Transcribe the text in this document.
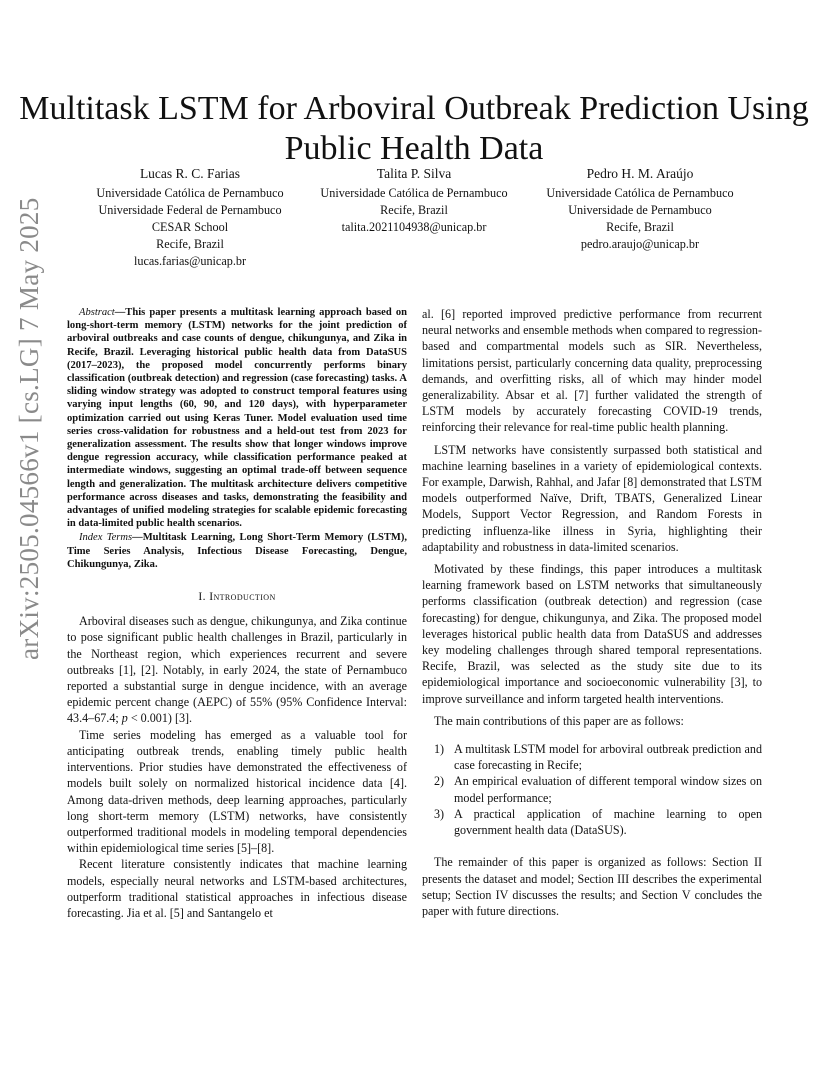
arXiv:2505.04566v1 [cs.LG] 7 May 2025
Multitask LSTM for Arboviral Outbreak Prediction Using Public Health Data
Lucas R. C. Farias
Universidade Católica de Pernambuco
Universidade Federal de Pernambuco
CESAR School
Recife, Brazil
lucas.farias@unicap.br
Talita P. Silva
Universidade Católica de Pernambuco
Recife, Brazil
talita.2021104938@unicap.br
Pedro H. M. Araújo
Universidade Católica de Pernambuco
Universidade de Pernambuco
Recife, Brazil
pedro.araujo@unicap.br

Abstract—This paper presents a multitask learning approach based on long-short-term memory (LSTM) networks for the joint prediction of arboviral outbreaks and case counts of dengue, chikungunya, and Zika in Recife, Brazil. Leveraging historical public health data from DataSUS (2017–2023), the proposed model concurrently performs binary classification (outbreak detection) and regression (case forecasting) tasks. A sliding window strategy was adopted to construct temporal features using varying input lengths (60, 90, and 120 days), with hyperparameter optimization carried out using Keras Tuner. Model evaluation used time series cross-validation for robustness and a held-out test from 2023 for generalization assessment. The results show that longer windows improve dengue regression accuracy, while classification performance peaked at intermediate windows, suggesting an optimal trade-off between sequence length and generalization. The multitask architecture delivers competitive performance across diseases and tasks, demonstrating the feasibility and advantages of unified modeling strategies for scalable epidemic forecasting in data-limited public health scenarios.

Index Terms—Multitask Learning, Long Short-Term Memory (LSTM), Time Series Analysis, Infectious Disease Forecasting, Dengue, Chikungunya, Zika.

I. Introduction

Arboviral diseases such as dengue, chikungunya, and Zika continue to pose significant public health challenges in Brazil, particularly in the Northeast region, which experiences recurrent and severe outbreaks [1], [2]. Notably, in early 2024, the state of Pernambuco reported a substantial surge in dengue incidence, with an average epidemic percent change (AEPC) of 55% (95% Confidence Interval: 43.4–67.4; p < 0.001) [3].

Time series modeling has emerged as a valuable tool for anticipating outbreak trends, enabling timely public health interventions. Prior studies have demonstrated the effectiveness of models built solely on normalized historical incidence data [4]. Among data-driven methods, deep learning approaches, particularly long short-term memory (LSTM) networks, have consistently outperformed traditional models in modeling temporal dependencies within epidemiological time series [5]–[8].

Recent literature consistently indicates that machine learning models, especially neural networks and LSTM-based architectures, outperform traditional statistical approaches in infectious disease forecasting. Jia et al. [5] and Santangelo et

al. [6] reported improved predictive performance from recurrent neural networks and ensemble methods when compared to regression-based and compartmental models such as SIR. Nevertheless, limitations persist, particularly concerning data quality, preprocessing demands, and overfitting risks, all of which may hinder model generalizability. Absar et al. [7] further validated the strength of LSTM models by accurately forecasting COVID-19 trends, reinforcing their relevance for real-time public health planning.

LSTM networks have consistently surpassed both statistical and machine learning baselines in a variety of epidemiological contexts. For example, Darwish, Rahhal, and Jafar [8] demonstrated that LSTM models outperformed Naïve, Drift, TBATS, Generalized Linear Models, Support Vector Regression, and Random Forests in predicting influenza-like illness in Syria, highlighting their adaptability and robustness in data-limited scenarios.

Motivated by these findings, this paper introduces a multitask learning framework based on LSTM networks that simultaneously performs classification (outbreak detection) and regression (case forecasting) for dengue, chikungunya, and Zika. The proposed model leverages historical public health data from DataSUS and addresses key modeling challenges through shared temporal representations. Recife, Brazil, was selected as the study site due to its epidemiological importance and socioeconomic vulnerability [3], to improve surveillance and inform targeted health interventions.

The main contributions of this paper are as follows:

1) A multitask LSTM model for arboviral outbreak prediction and case forecasting in Recife;
2) An empirical evaluation of different temporal window sizes on model performance;
3) A practical application of machine learning to open government health data (DataSUS).

The remainder of this paper is organized as follows: Section II presents the dataset and model; Section III describes the experimental setup; Section IV discusses the results; and Section V concludes the paper with future directions.
